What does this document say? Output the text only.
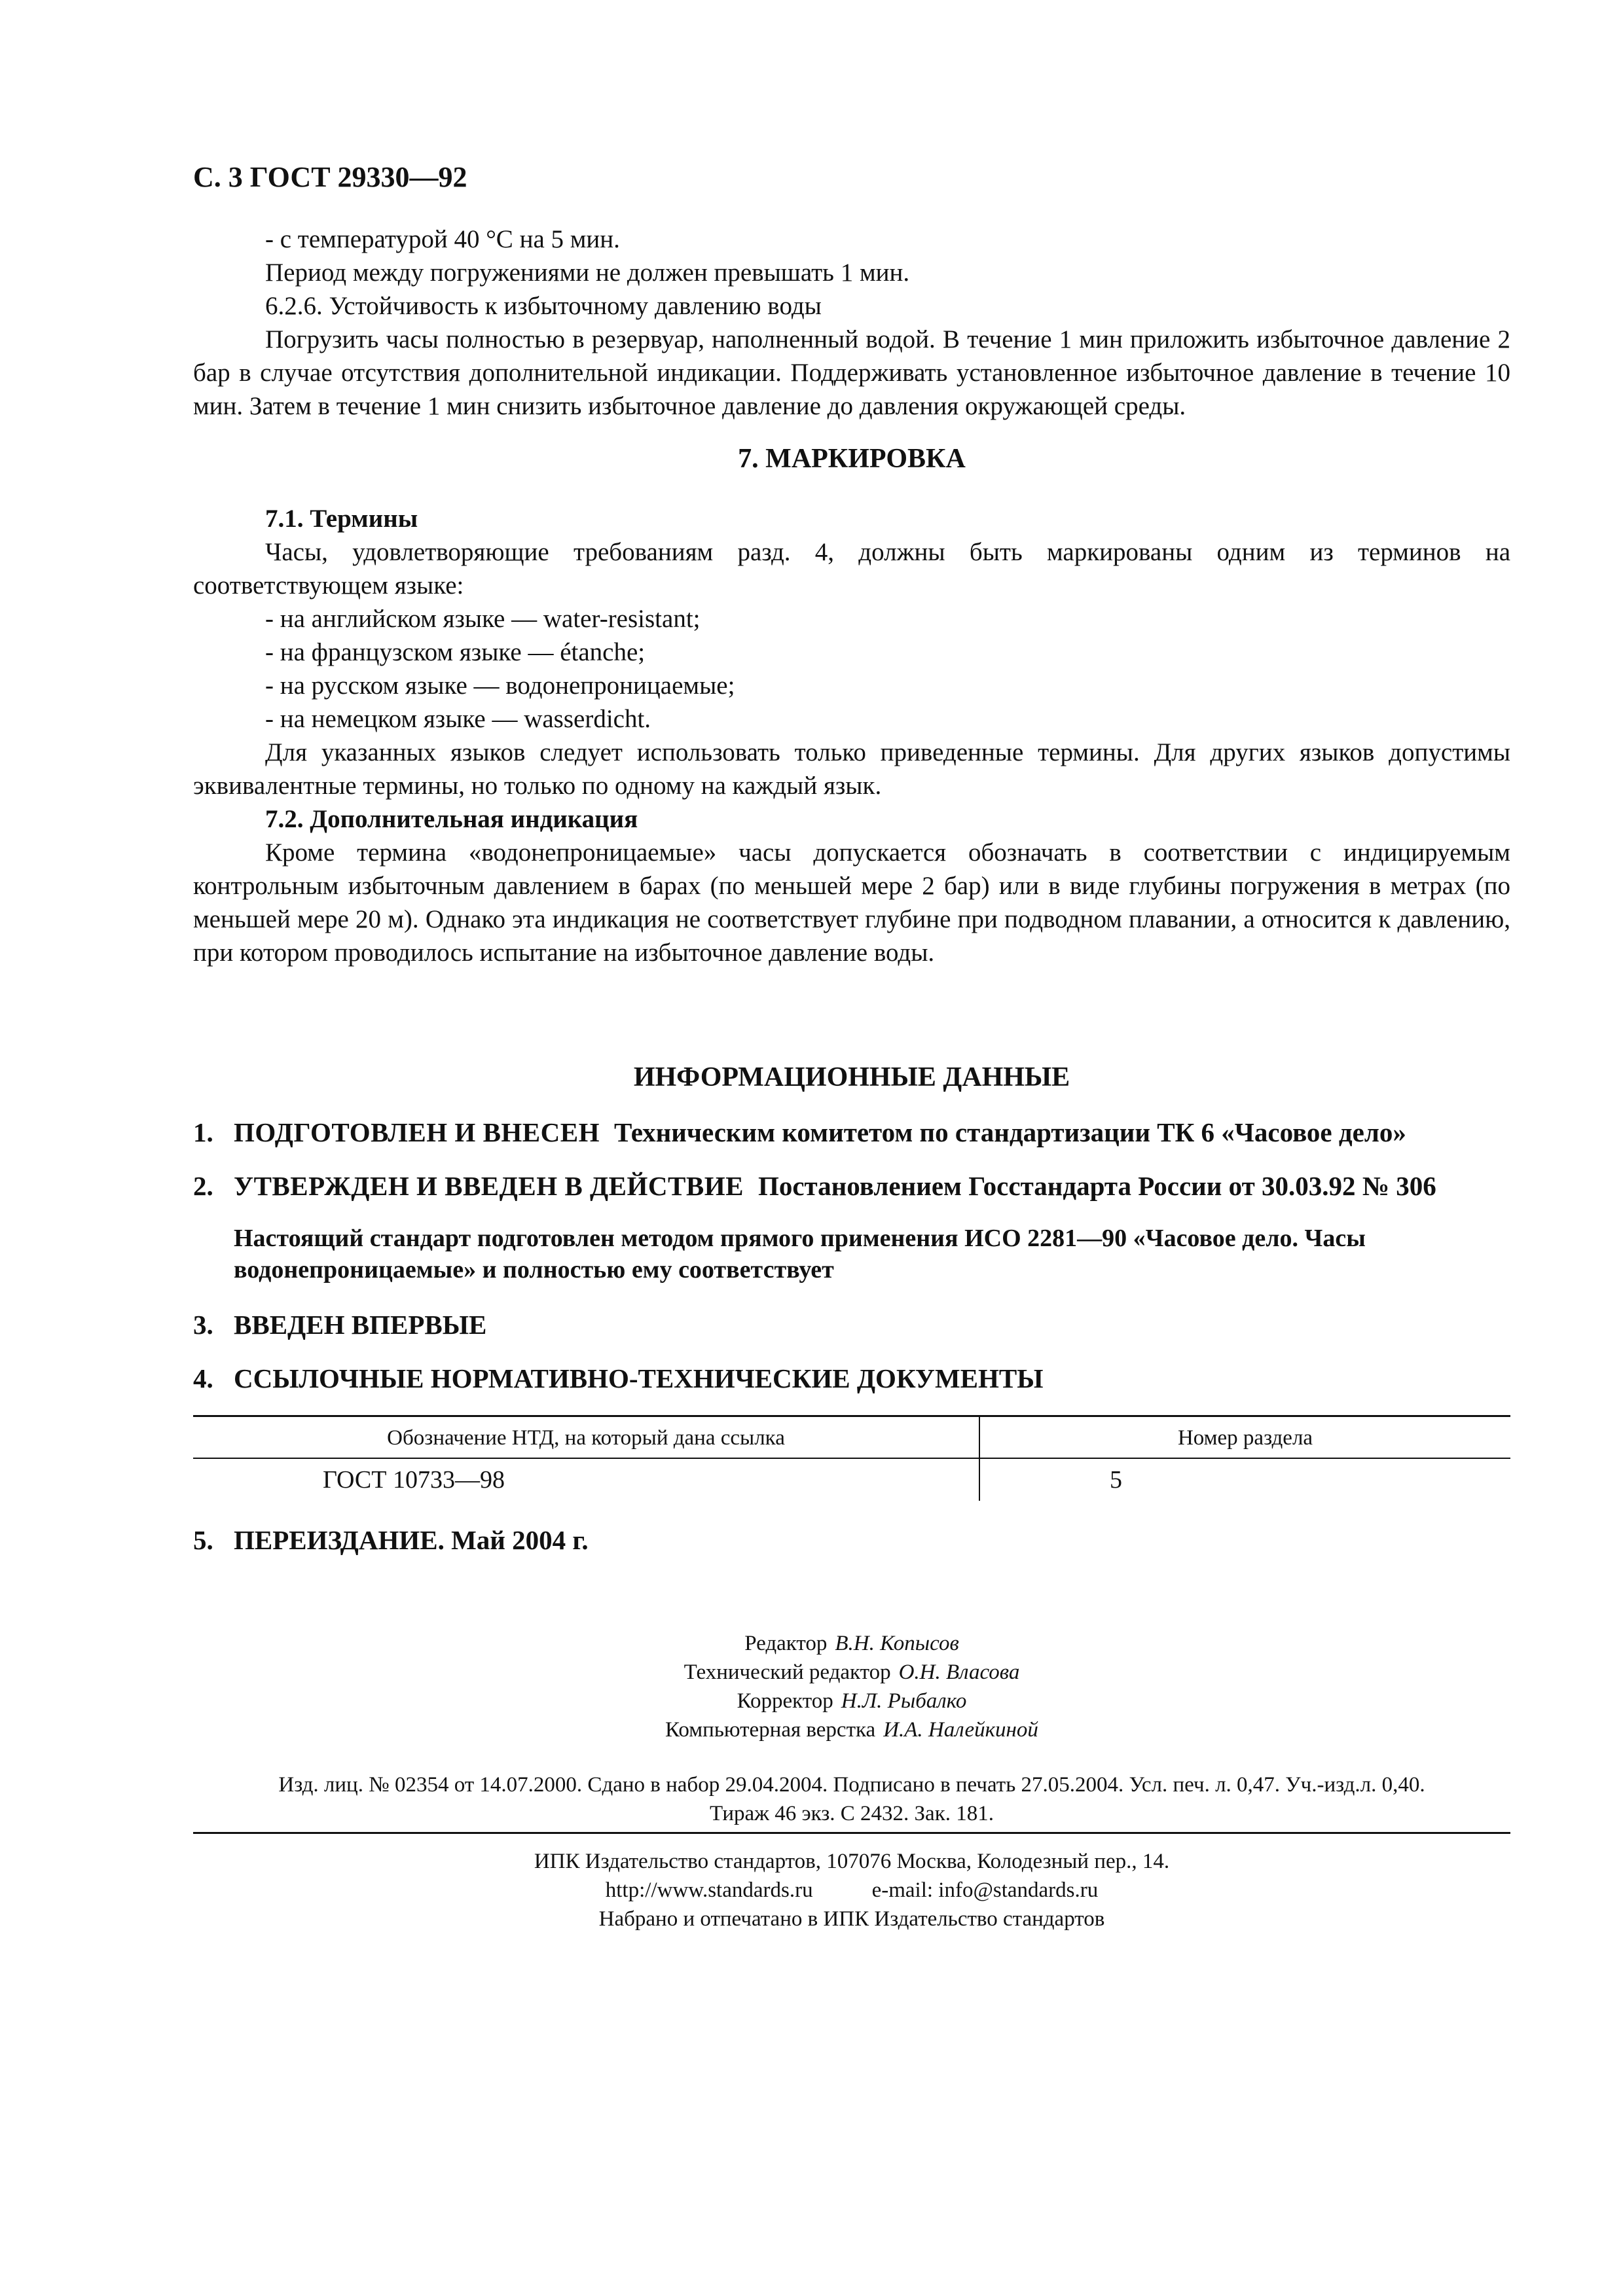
С. 3 ГОСТ 29330—92

- с температурой 40 °С на 5 мин.

Период между погружениями не должен превышать 1 мин.

6.2.6. Устойчивость к избыточному давлению воды

Погрузить часы полностью в резервуар, наполненный водой. В течение 1 мин приложить избыточное давление 2 бар в случае отсутствия дополнительной индикации. Поддерживать установленное избыточное давление в течение 10 мин. Затем в течение 1 мин снизить избыточное давление до давления окружающей среды.

7. МАРКИРОВКА

7.1. Термины

Часы, удовлетворяющие требованиям разд. 4, должны быть маркированы одним из терминов на соответствующем языке:

- на английском языке — water-resistant;

- на французском языке — étanche;

- на русском языке — водонепроницаемые;

- на немецком языке — wasserdicht.

Для указанных языков следует использовать только приведенные термины. Для других языков допустимы эквивалентные термины, но только по одному на каждый язык.

7.2. Дополнительная индикация

Кроме термина «водонепроницаемые» часы допускается обозначать в соответствии с индицируемым контрольным избыточным давлением в барах (по меньшей мере 2 бар) или в виде глубины погружения в метрах (по меньшей мере 20 м). Однако эта индикация не соответствует глубине при подводном плавании, а относится к давлению, при котором проводилось испытание на избыточное давление воды.

ИНФОРМАЦИОННЫЕ ДАННЫЕ
1. ПОДГОТОВЛЕН И ВНЕСЕН Техническим комитетом по стандартизации ТК 6 «Часовое дело»
2. УТВЕРЖДЕН И ВВЕДЕН В ДЕЙСТВИЕ Постановлением Госстандарта России от 30.03.92 № 306
Настоящий стандарт подготовлен методом прямого применения ИСО 2281—90 «Часовое дело. Часы водонепроницаемые» и полностью ему соответствует
3. ВВЕДЕН ВПЕРВЫЕ
4. ССЫЛОЧНЫЕ НОРМАТИВНО-ТЕХНИЧЕСКИЕ ДОКУМЕНТЫ
Обозначение НТД, на который дана ссылка	Номер раздела
ГОСТ 10733—98	5
5. ПЕРЕИЗДАНИЕ. Май 2004 г.
Редактор В.Н. Копысов
Технический редактор О.Н. Власова
Корректор Н.Л. Рыбалко
Компьютерная верстка И.А. Налейкиной
Изд. лиц. № 02354 от 14.07.2000. Сдано в набор 29.04.2004. Подписано в печать 27.05.2004. Усл. печ. л. 0,47. Уч.-изд.л. 0,40.
Тираж 46 экз. С 2432. Зак. 181.
ИПК Издательство стандартов, 107076 Москва, Колодезный пер., 14.
http://www.standards.ru	e-mail: info@standards.ru
Набрано и отпечатано в ИПК Издательство стандартов
